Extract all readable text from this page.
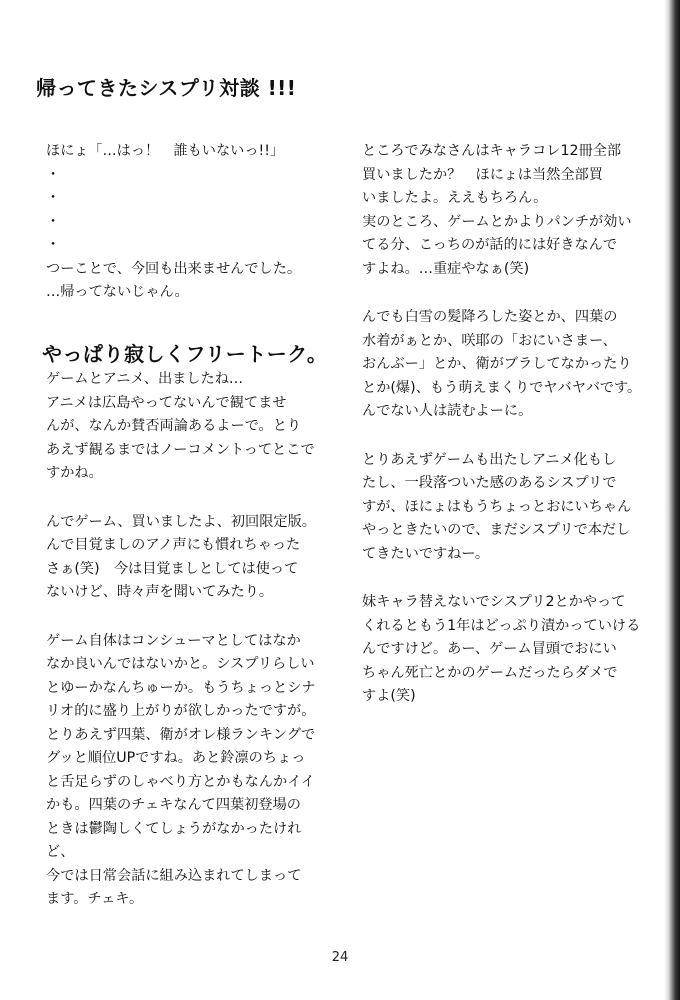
帰ってきたシスプリ対談 !!!

ほにょ「…はっ！　誰もいないっ!!」
・
・
・
・
つーことで、今回も出来ませんでした。
…帰ってないじゃん。

やっぱり寂しくフリートーク。

ゲームとアニメ、出ましたね…
アニメは広島やってないんで観てませ
んが、なんか賛否両論あるよーで。とり
あえず観るまではノーコメントってとこで
すかね。

んでゲーム、買いましたよ、初回限定版。
んで目覚ましのアノ声にも慣れちゃった
さぁ(笑)　今は目覚ましとしては使って
ないけど、時々声を聞いてみたり。

ゲーム自体はコンシューマとしてはなか
なか良いんではないかと。シスプリらしい
とゆーかなんちゅーか。もうちょっとシナ
リオ的に盛り上がりが欲しかったですが。
とりあえず四葉、衛がオレ様ランキングで
グッと順位UPですね。あと鈴凛のちょっ
と舌足らずのしゃべり方とかもなんかイイ
かも。四葉のチェキなんて四葉初登場の
ときは鬱陶しくてしょうがなかったけれど、
今では日常会話に組み込まれてしまって
ます。チェキ。

ところでみなさんはキャラコレ12冊全部
買いましたか？　ほにょは当然全部買
いましたよ。ええもちろん。
実のところ、ゲームとかよりパンチが効い
てる分、こっちのが話的には好きなんで
すよね。…重症やなぁ(笑)

んでも白雪の髪降ろした姿とか、四葉の
水着がぁとか、咲耶の「おにいさまー、
おんぶー」とか、衛がブラしてなかったり
とか(爆)、もう萌えまくりでヤバヤバです。
んでない人は読むよーに。

とりあえずゲームも出たしアニメ化もし
たし、一段落ついた感のあるシスプリで
すが、ほにょはもうちょっとおにいちゃん
やっときたいので、まだシスプリで本だし
てきたいですねー。

妹キャラ替えないでシスプリ2とかやって
くれるともう1年はどっぷり漬かっていける
んですけど。あー、ゲーム冒頭でおにい
ちゃん死亡とかのゲームだったらダメで
すよ(笑)

24
